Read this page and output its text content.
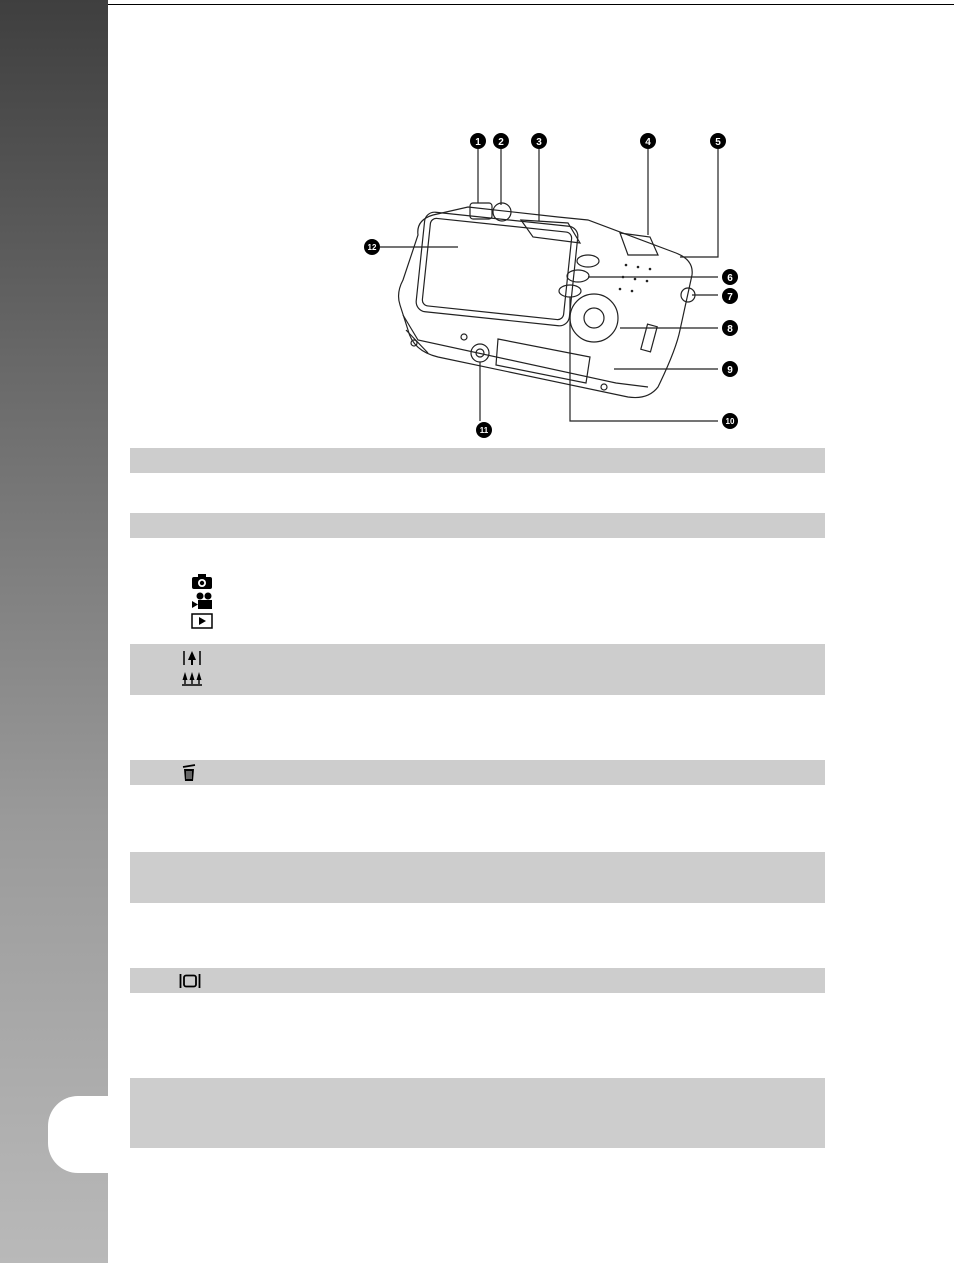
1 2	3	4	5
6
7
8
9
10
11
12
